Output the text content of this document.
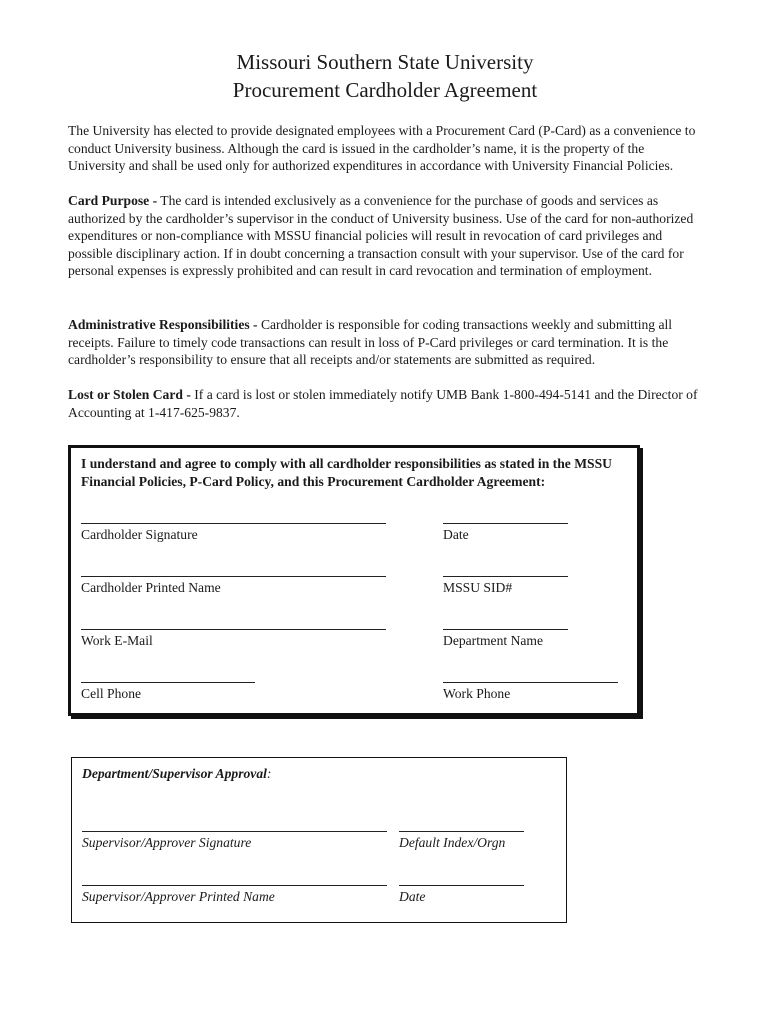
Missouri Southern State University
Procurement Cardholder Agreement
The University has elected to provide designated employees with a Procurement Card (P-Card) as a convenience to conduct University business. Although the card is issued in the cardholder’s name, it is the property of the University and shall be used only for authorized expenditures in accordance with University Financial Policies.
Card Purpose - The card is intended exclusively as a convenience for the purchase of goods and services as authorized by the cardholder’s supervisor in the conduct of University business. Use of the card for non-authorized expenditures or non-compliance with MSSU financial policies will result in revocation of card privileges and possible disciplinary action. If in doubt concerning a transaction consult with your supervisor. Use of the card for personal expenses is expressly prohibited and can result in card revocation and termination of employment.
Administrative Responsibilities - Cardholder is responsible for coding transactions weekly and submitting all receipts. Failure to timely code transactions can result in loss of P-Card privileges or card termination. It is the cardholder’s responsibility to ensure that all receipts and/or statements are submitted as required.
Lost or Stolen Card - If a card is lost or stolen immediately notify UMB Bank 1-800-494-5141 and the Director of Accounting at 1-417-625-9837.
I understand and agree to comply with all cardholder responsibilities as stated in the MSSU Financial Policies, P-Card Policy, and this Procurement Cardholder Agreement:
Cardholder Signature	Date
Cardholder Printed Name	MSSU SID#
Work E-Mail	Department Name
Cell Phone	Work Phone
Department/Supervisor Approval:
Supervisor/Approver Signature	Default Index/Orgn
Supervisor/Approver Printed Name	Date
